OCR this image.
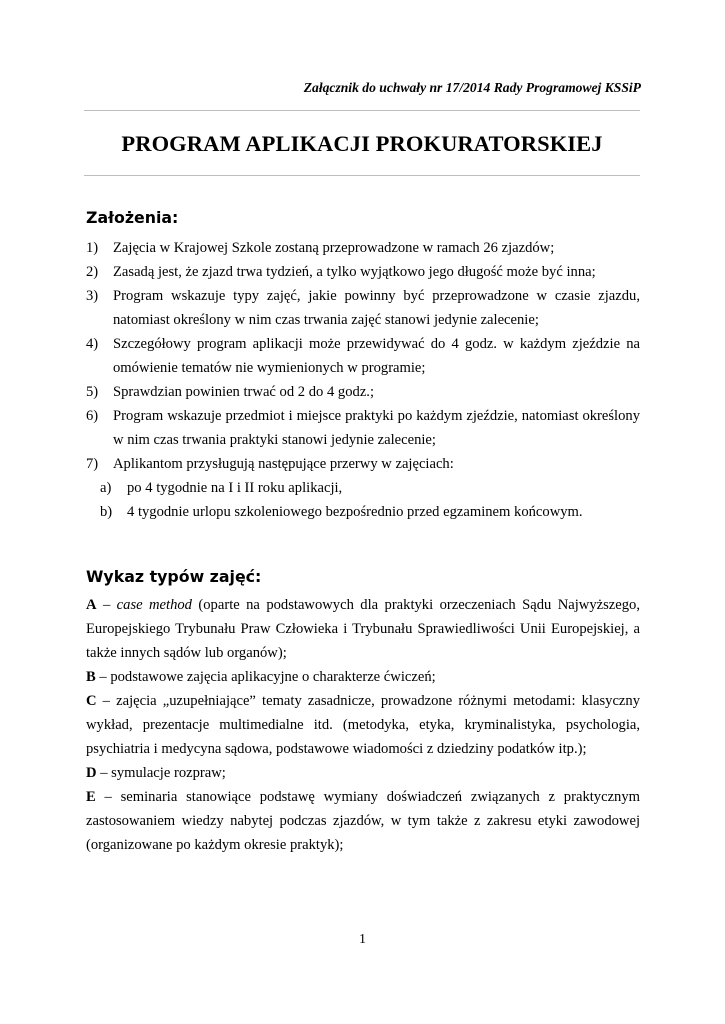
Załącznik do uchwały nr 17/2014 Rady Programowej KSSiP
PROGRAM APLIKACJI PROKURATORSKIEJ
Założenia:
1)	Zajęcia w Krajowej Szkole zostaną przeprowadzone w ramach 26 zjazdów;
2)	Zasadą jest, że zjazd trwa tydzień, a tylko wyjątkowo jego długość może być inna;
3)	Program wskazuje typy zajęć, jakie powinny być przeprowadzone w czasie zjazdu, natomiast określony w nim czas trwania zajęć stanowi jedynie zalecenie;
4)	Szczegółowy program aplikacji może przewidywać do 4 godz. w każdym zjeździe na omówienie tematów nie wymienionych w programie;
5)	Sprawdzian powinien trwać od 2 do 4 godz.;
6)	Program wskazuje przedmiot i miejsce praktyki po każdym zjeździe, natomiast określony w nim czas trwania praktyki stanowi jedynie zalecenie;
7)	Aplikantom przysługują następujące przerwy w zajęciach:
a)	po 4 tygodnie na I i II roku aplikacji,
b)	4 tygodnie urlopu szkoleniowego bezpośrednio przed egzaminem końcowym.
Wykaz typów zajęć:
A – case method (oparte na podstawowych dla praktyki orzeczeniach Sądu Najwyższego, Europejskiego Trybunału Praw Człowieka i Trybunału Sprawiedliwości Unii Europejskiej, a także innych sądów lub organów);
B – podstawowe zajęcia aplikacyjne o charakterze ćwiczeń;
C – zajęcia „uzupełniające” tematy zasadnicze, prowadzone różnymi metodami: klasyczny wykład, prezentacje multimedialne itd. (metodyka, etyka, kryminalistyka, psychologia, psychiatria i medycyna sądowa, podstawowe wiadomości z dziedziny podatków itp.);
D – symulacje rozpraw;
E – seminaria stanowiące podstawę wymiany doświadczeń związanych z praktycznym zastosowaniem wiedzy nabytej podczas zjazdów, w tym także z zakresu etyki zawodowej (organizowane po każdym okresie praktyk);
1
